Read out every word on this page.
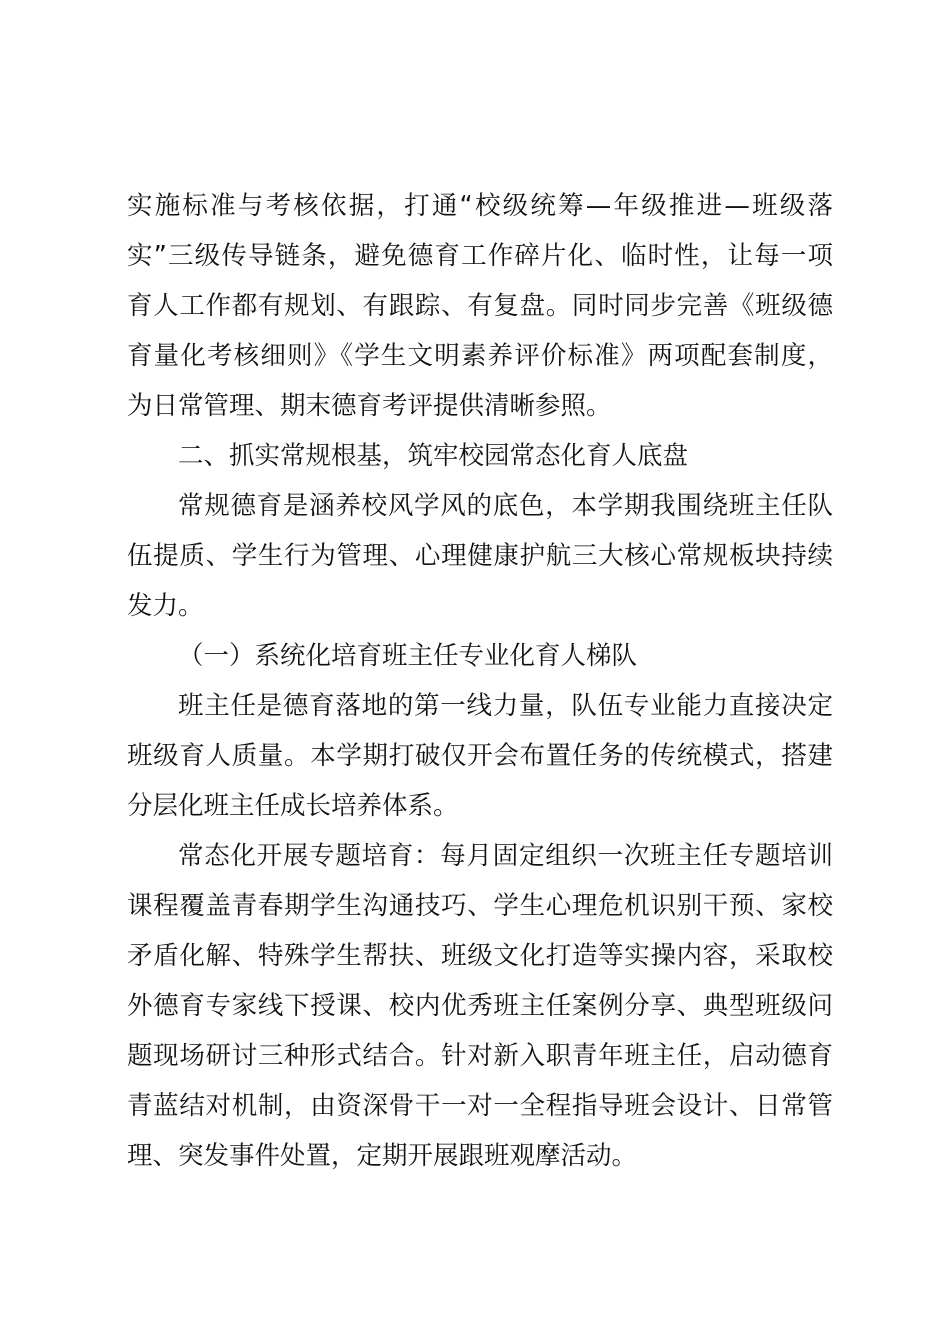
实施标准与考核依据，打通“校级统筹—年级推进—班级落
实”三级传导链条，避免德育工作碎片化、临时性，让每一项
育人工作都有规划、有跟踪、有复盘。同时同步完善《班级德
育量化考核细则》《学生文明素养评价标准》两项配套制度，
为日常管理、期末德育考评提供清晰参照。
二、抓实常规根基，筑牢校园常态化育人底盘
常规德育是涵养校风学风的底色，本学期我围绕班主任队
伍提质、学生行为管理、心理健康护航三大核心常规板块持续
发力。
（一）系统化培育班主任专业化育人梯队
班主任是德育落地的第一线力量，队伍专业能力直接决定
班级育人质量。本学期打破仅开会布置任务的传统模式，搭建
分层化班主任成长培养体系。
常态化开展专题培育：每月固定组织一次班主任专题培训
课程覆盖青春期学生沟通技巧、学生心理危机识别干预、家校
矛盾化解、特殊学生帮扶、班级文化打造等实操内容，采取校
外德育专家线下授课、校内优秀班主任案例分享、典型班级问
题现场研讨三种形式结合。针对新入职青年班主任，启动德育
青蓝结对机制，由资深骨干一对一全程指导班会设计、日常管
理、突发事件处置，定期开展跟班观摩活动。
